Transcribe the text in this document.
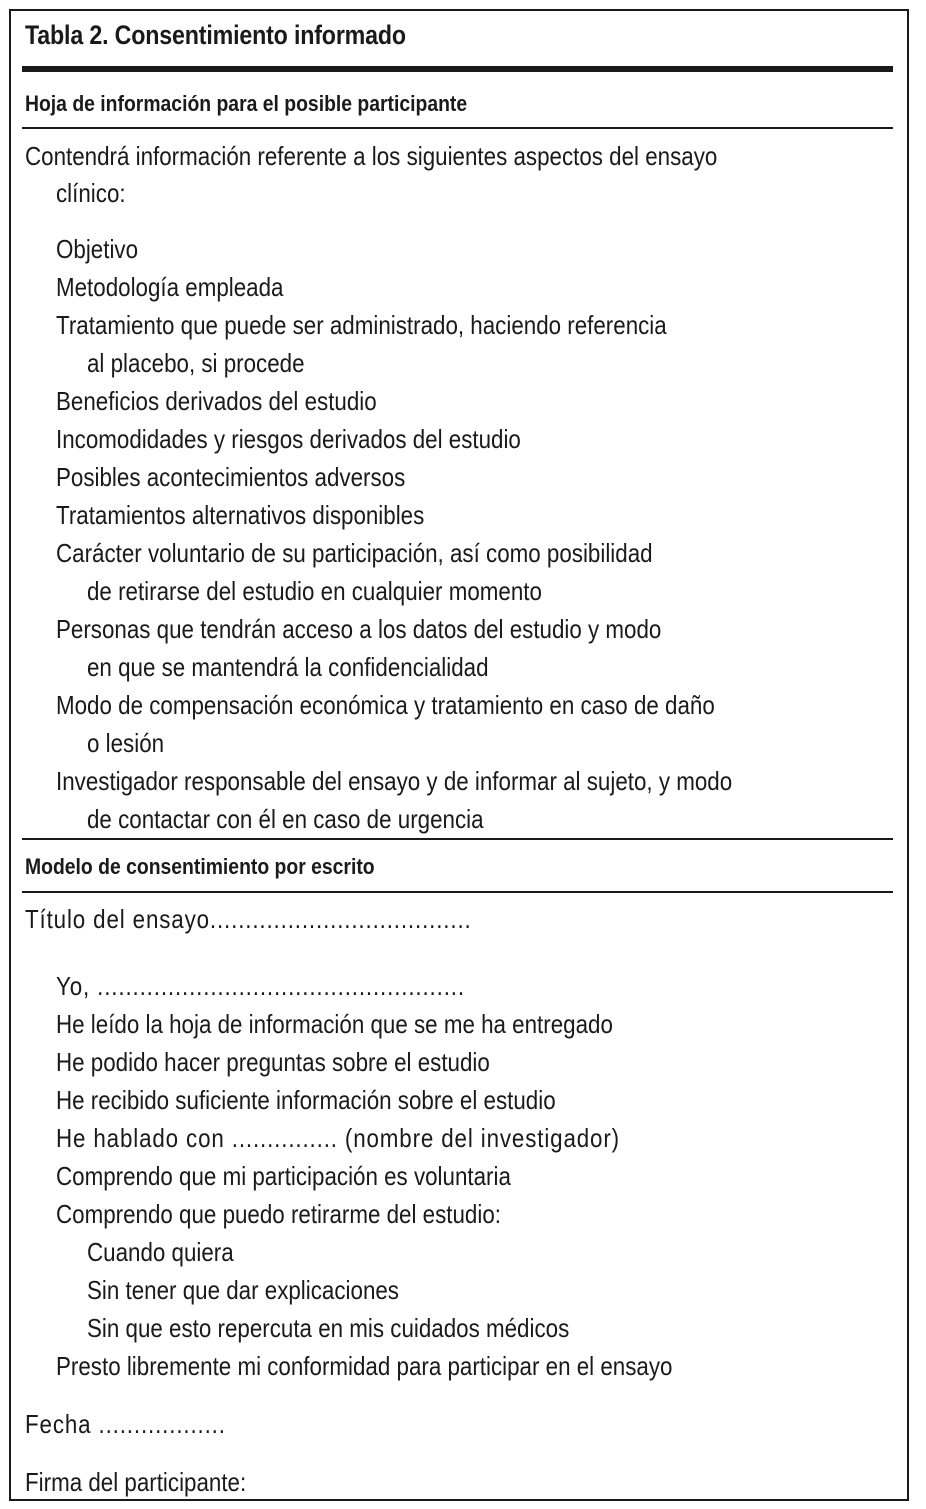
Tabla 2. Consentimiento informado
Hoja de información para el posible participante
Contendrá información referente a los siguientes aspectos del ensayo
clínico:
Objetivo
Metodología empleada
Tratamiento que puede ser administrado, haciendo referencia
al placebo, si procede
Beneficios derivados del estudio
Incomodidades y riesgos derivados del estudio
Posibles acontecimientos adversos
Tratamientos alternativos disponibles
Carácter voluntario de su participación, así como posibilidad
de retirarse del estudio en cualquier momento
Personas que tendrán acceso a los datos del estudio y modo
en que se mantendrá la confidencialidad
Modo de compensación económica y tratamiento en caso de daño
o lesión
Investigador responsable del ensayo y de informar al sujeto, y modo
de contactar con él en caso de urgencia
Modelo de consentimiento por escrito
Título del ensayo.....................................
Yo, ....................................................
He leído la hoja de información que se me ha entregado
He podido hacer preguntas sobre el estudio
He recibido suficiente información sobre el estudio
He hablado con ............... (nombre del investigador)
Comprendo que mi participación es voluntaria
Comprendo que puedo retirarme del estudio:
Cuando quiera
Sin tener que dar explicaciones
Sin que esto repercuta en mis cuidados médicos
Presto libremente mi conformidad para participar en el ensayo
Fecha ..................
Firma del participante:
